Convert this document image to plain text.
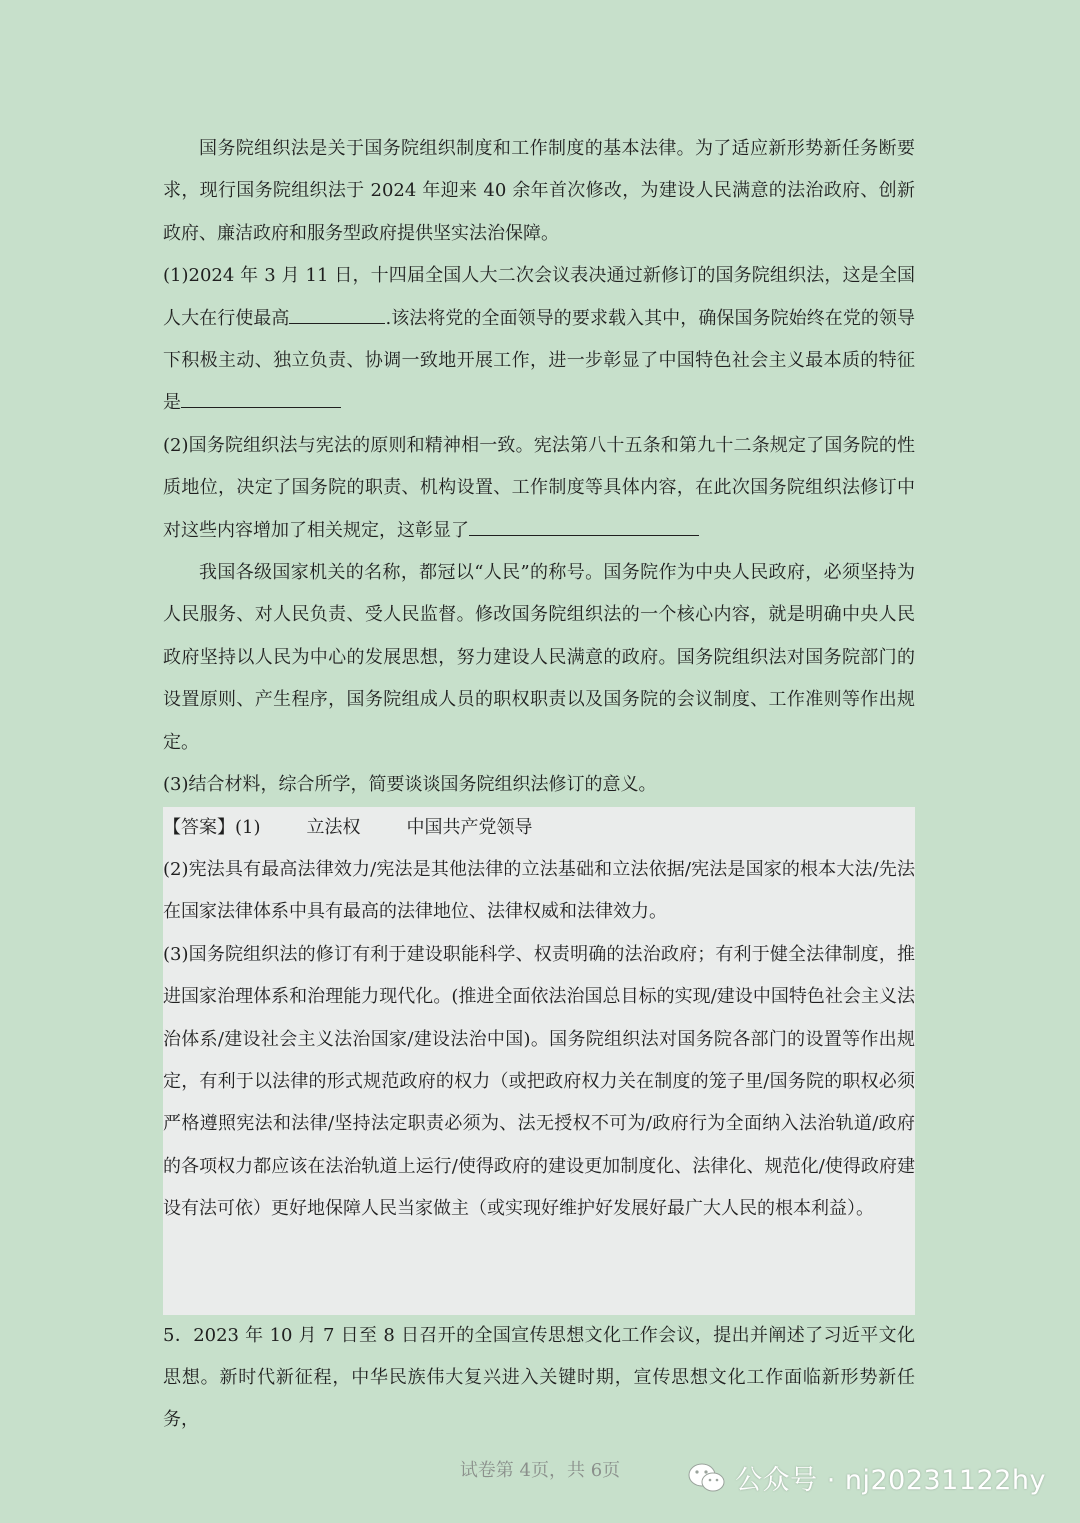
国务院组织法是关于国务院组织制度和工作制度的基本法律。为了适应新形势新任务断要求，现行国务院组织法于 2024 年迎来 40 余年首次修改，为建设人民满意的法治政府、创新政府、廉洁政府和服务型政府提供坚实法治保障。

(1)2024 年 3 月 11 日，十四届全国人大二次会议表决通过新修订的国务院组织法，这是全国人大在行使最高	.该法将党的全面领导的要求载入其中，确保国务院始终在党的领导下积极主动、独立负责、协调一致地开展工作，进一步彰显了中国特色社会主义最本质的特征是

(2)国务院组织法与宪法的原则和精神相一致。宪法第八十五条和第九十二条规定了国务院的性质地位，决定了国务院的职责、机构设置、工作制度等具体内容，在此次国务院组织法修订中对这些内容增加了相关规定，这彰显了

我国各级国家机关的名称，都冠以“人民”的称号。国务院作为中央人民政府，必须坚持为人民服务、对人民负责、受人民监督。修改国务院组织法的一个核心内容，就是明确中央人民政府坚持以人民为中心的发展思想，努力建设人民满意的政府。国务院组织法对国务院部门的设置原则、产生程序，国务院组成人员的职权职责以及国务院的会议制度、工作准则等作出规定。

(3)结合材料，综合所学，简要谈谈国务院组织法修订的意义。

【答案】(1)	立法权	中国共产党领导

(2)宪法具有最高法律效力/宪法是其他法律的立法基础和立法依据/宪法是国家的根本大法/先法在国家法律体系中具有最高的法律地位、法律权威和法律效力。

(3)国务院组织法的修订有利于建设职能科学、权责明确的法治政府；有利于健全法律制度，推进国家治理体系和治理能力现代化。(推进全面依法治国总目标的实现/建设中国特色社会主义法治体系/建设社会主义法治国家/建设法治中国)。国务院组织法对国务院各部门的设置等作出规定，有利于以法律的形式规范政府的权力（或把政府权力关在制度的笼子里/国务院的职权必须严格遵照宪法和法律/坚持法定职责必须为、法无授权不可为/政府行为全面纳入法治轨道/政府的各项权力都应该在法治轨道上运行/使得政府的建设更加制度化、法律化、规范化/使得政府建设有法可依）更好地保障人民当家做主（或实现好维护好发展好最广大人民的根本利益）。

5．2023 年 10 月 7 日至 8 日召开的全国宣传思想文化工作会议，提出并阐述了习近平文化思想。新时代新征程，中华民族伟大复兴进入关键时期，宣传思想文化工作面临新形势新任务，

试卷第 4页，共 6页	公众号 · nj20231122hy
